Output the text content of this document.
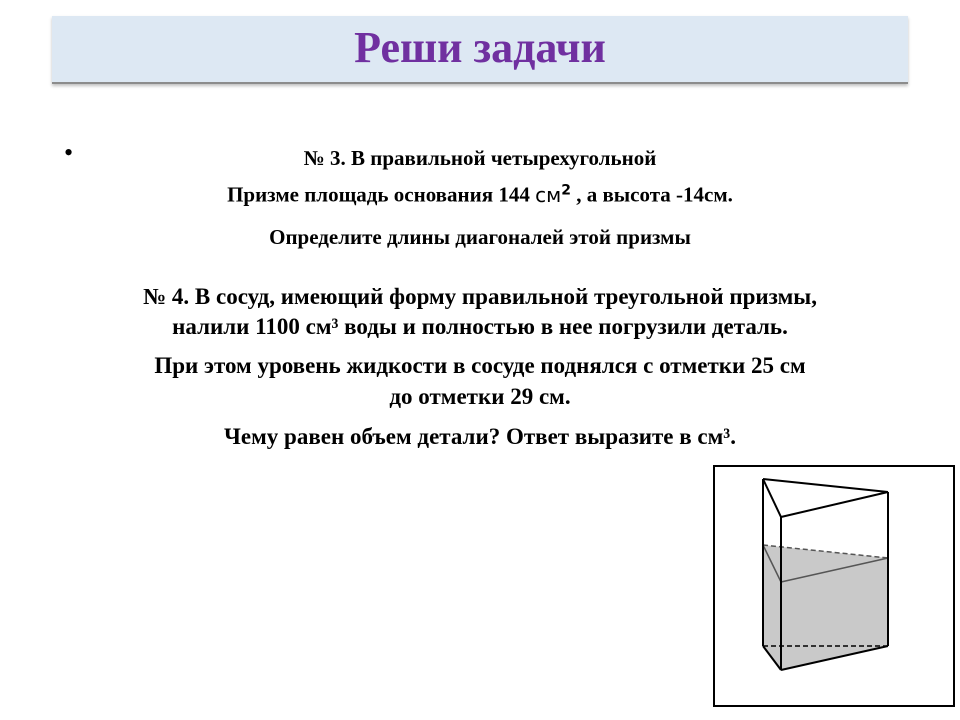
Реши задачи
•	№ 3. В правильной четырехугольной
Призме площадь основания 144 $см^2$ , а высота -14см.
Определите длины диагоналей этой призмы
№ 4. В сосуд, имеющий форму правильной треугольной призмы,
налили 1100 см³ воды и полностью в нее погрузили деталь.
При этом уровень жидкости в сосуде поднялся с отметки 25 см
до отметки 29 см.
Чему равен объем детали? Ответ выразите в см³.
